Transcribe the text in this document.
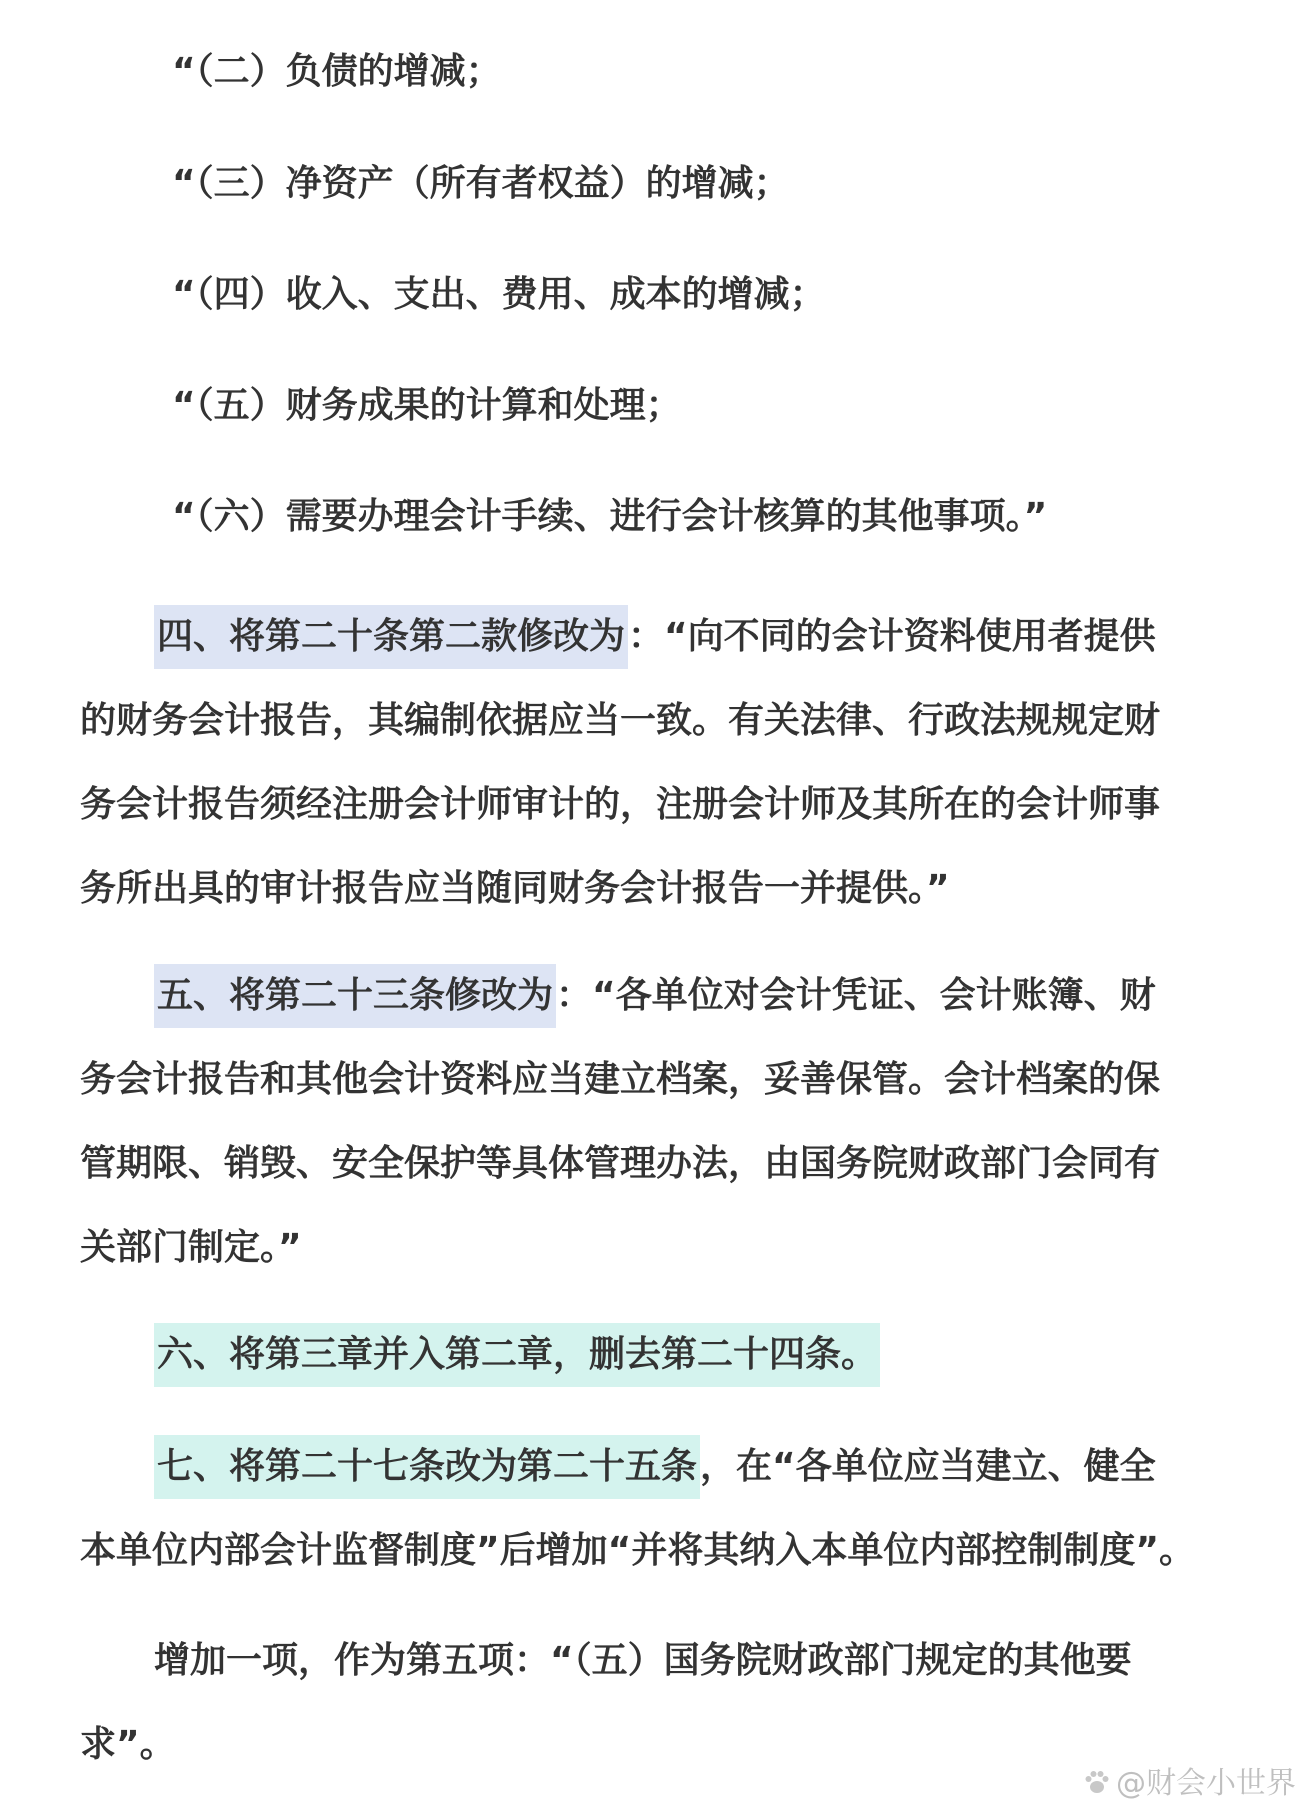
“（二）负债的增减；
“（三）净资产（所有者权益）的增减；
“（四）收入、支出、费用、成本的增减；
“（五）财务成果的计算和处理；
“（六）需要办理会计手续、进行会计核算的其他事项。”
四、将第二十条第二款修改为：“向不同的会计资料使用者提供
的财务会计报告，其编制依据应当一致。有关法律、行政法规规定财
务会计报告须经注册会计师审计的，注册会计师及其所在的会计师事
务所出具的审计报告应当随同财务会计报告一并提供。”
五、将第二十三条修改为：“各单位对会计凭证、会计账簿、财
务会计报告和其他会计资料应当建立档案，妥善保管。会计档案的保
管期限、销毁、安全保护等具体管理办法，由国务院财政部门会同有
关部门制定。”
六、将第三章并入第二章，删去第二十四条。
七、将第二十七条改为第二十五条，在“各单位应当建立、健全
本单位内部会计监督制度”后增加“并将其纳入本单位内部控制制度”。
增加一项，作为第五项：“（五）国务院财政部门规定的其他要
求”。
@财会小世界
